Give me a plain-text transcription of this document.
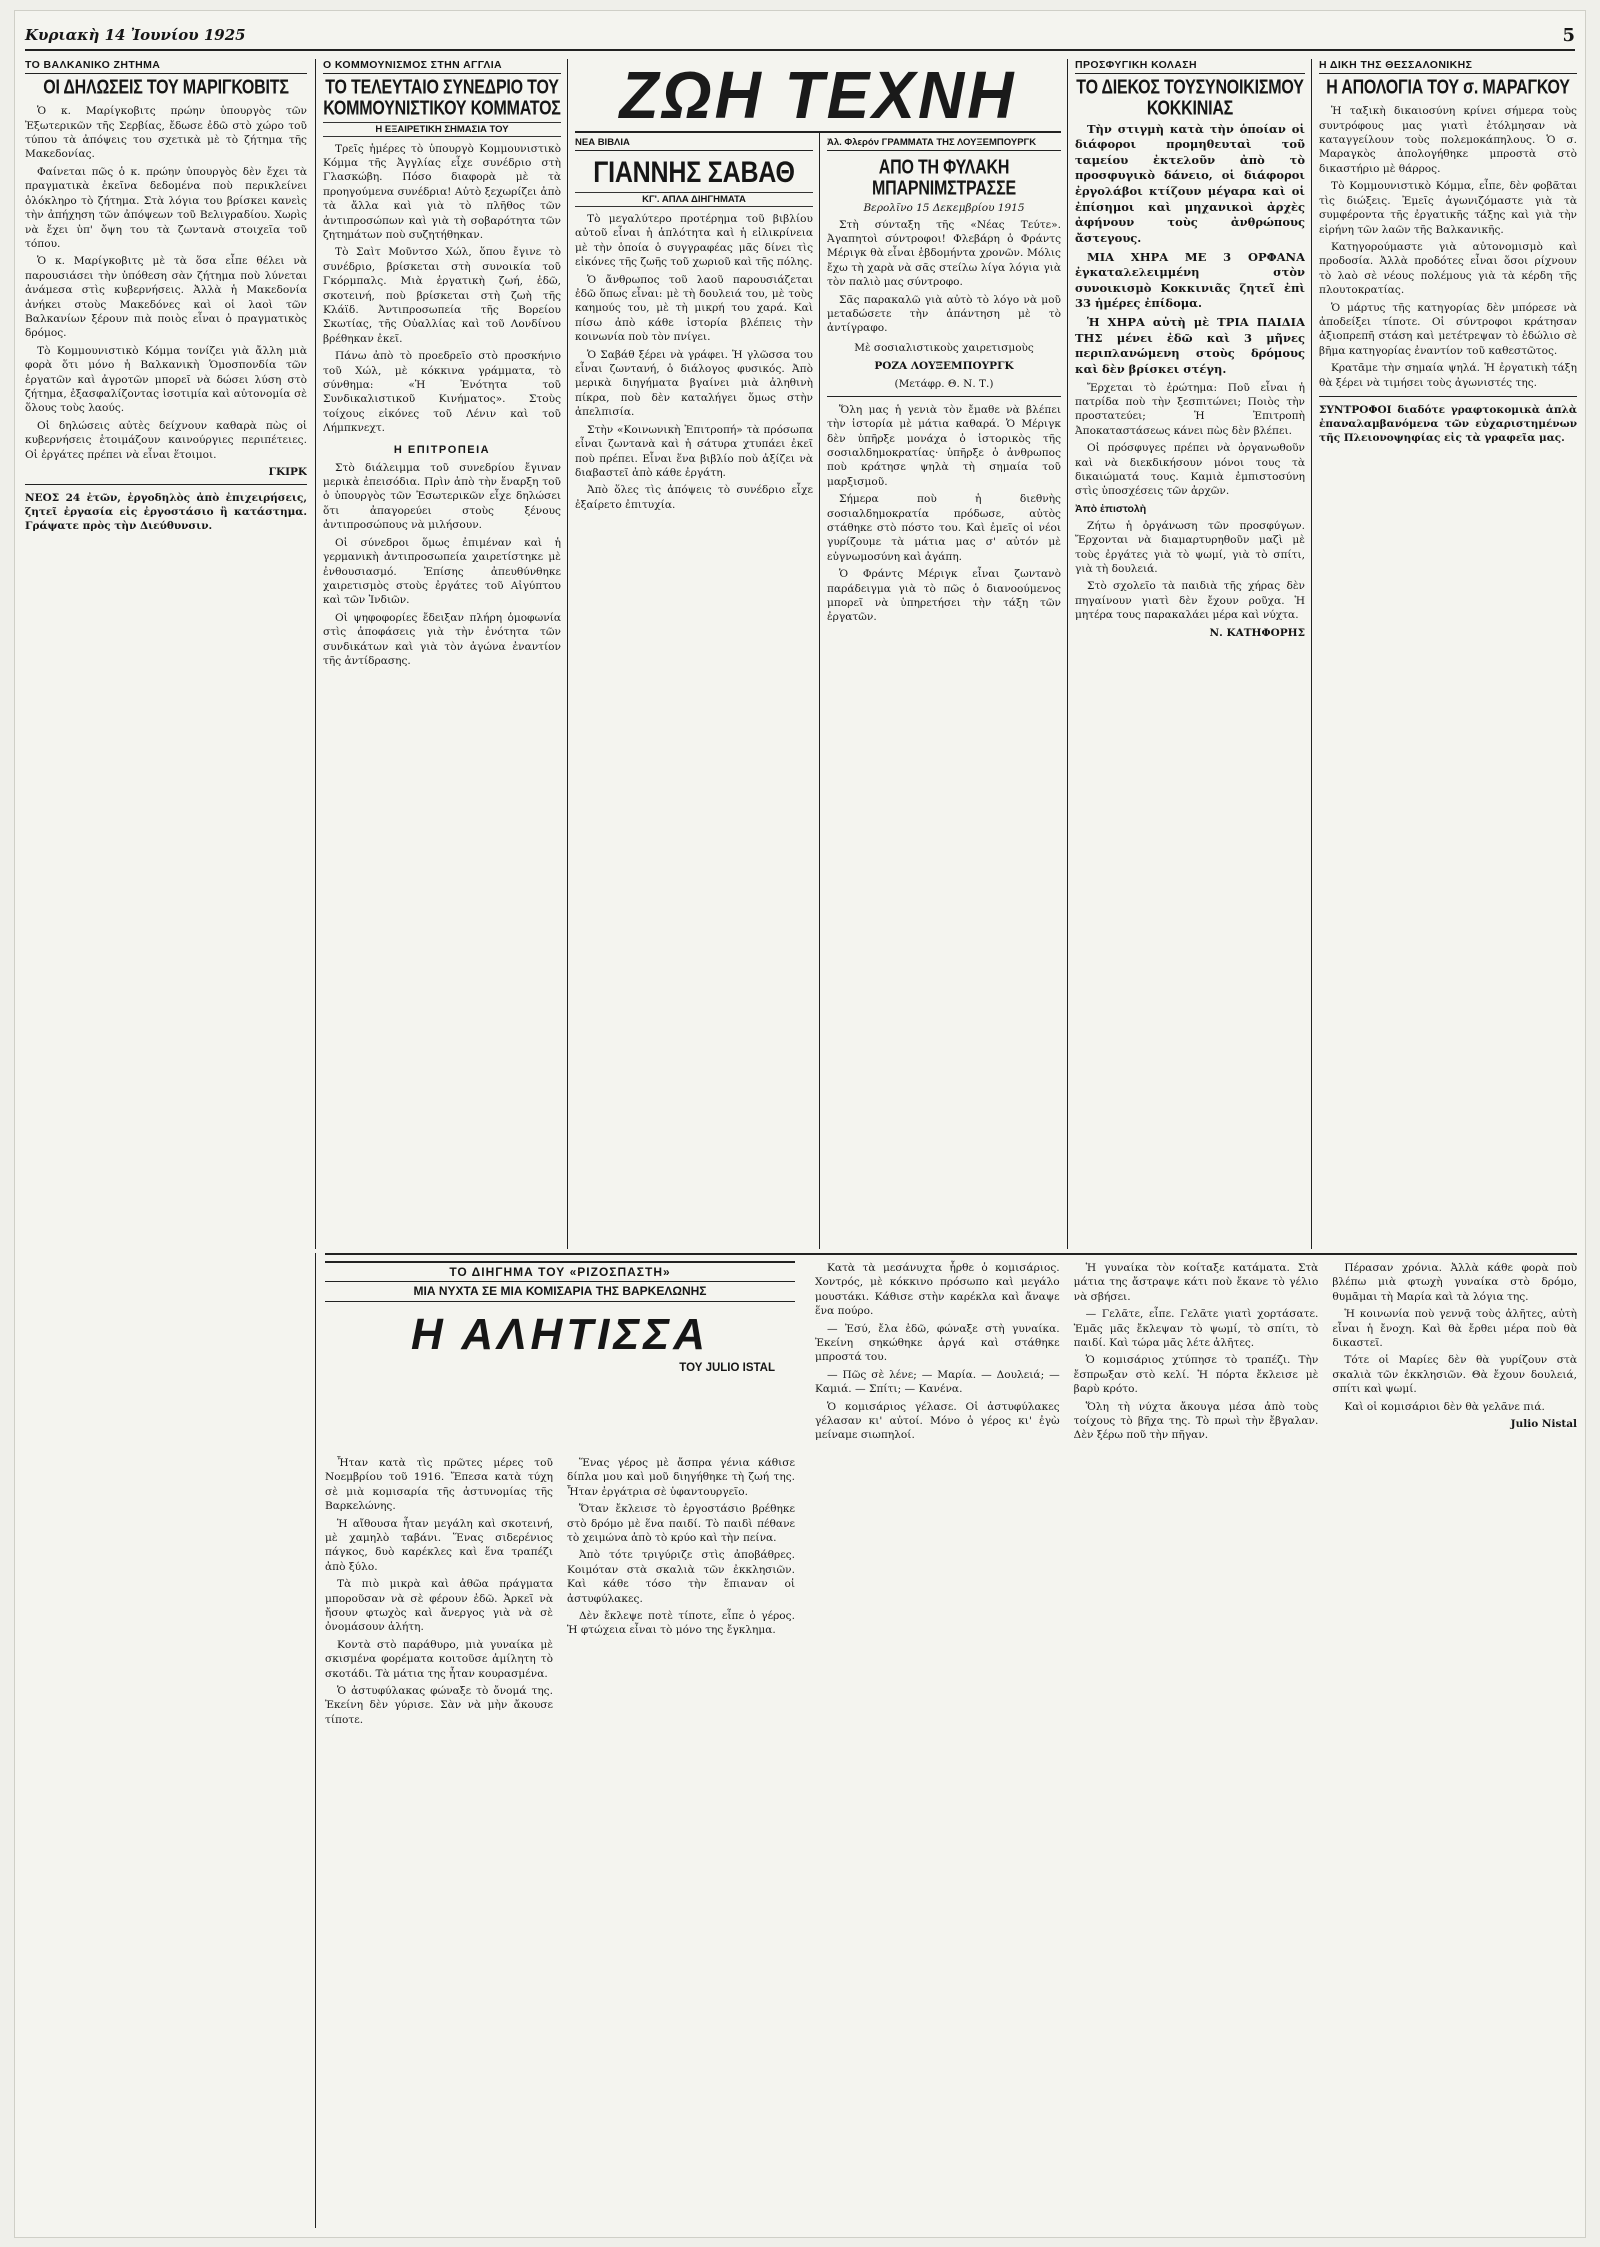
Κυριακὴ 14 Ἰουνίου 1925	5
ΤΟ ΒΑΛΚΑΝΙΚΟ ΖΗΤΗΜΑ
ΟΙ ΔΗΛΩΣΕΙΣ ΤΟΥ ΜΑΡΙΓΚΟΒΙΤΣ

Ὁ κ. Μαρίγκοβιτς πρώην ὑπουργὸς τῶν Ἐξωτερικῶν τῆς Σερβίας, ἔδωσε ἐδῶ στὸ χώρο τοῦ τύπου τὰ ἀπόψεις του σχετικὰ μὲ τὸ ζήτημα τῆς Μακεδονίας.

Φαίνεται πῶς ὁ κ. πρώην ὑπουργὸς δὲν ἔχει τὰ πραγματικὰ ἐκεῖνα δεδομένα ποὺ περικλείνει ὁλόκληρο τὸ ζήτημα. Στὰ λόγια του βρίσκει κανεὶς τὴν ἀπήχηση τῶν ἀπόψεων τοῦ Βελιγραδίου. Χωρὶς νὰ ἔχει ὑπ' ὄψη του τὰ ζωντανὰ στοιχεῖα τοῦ τόπου.

Ὁ κ. Μαρίγκοβιτς μὲ τὰ ὅσα εἶπε θέλει νὰ παρουσιάσει τὴν ὑπόθεση σὰν ζήτημα ποὺ λύνεται ἀνάμεσα στὶς κυβερνήσεις. Ἀλλὰ ἡ Μακεδονία ἀνήκει στοὺς Μακεδόνες καὶ οἱ λαοὶ τῶν Βαλκανίων ξέρουν πιὰ ποιὸς εἶναι ὁ πραγματικὸς δρόμος.

Τὸ Κομμουνιστικὸ Κόμμα τονίζει γιὰ ἄλλη μιὰ φορὰ ὅτι μόνο ἡ Βαλκανικὴ Ὁμοσπονδία τῶν ἐργατῶν καὶ ἀγροτῶν μπορεῖ νὰ δώσει λύση στὸ ζήτημα, ἐξασφαλίζοντας ἰσοτιμία καὶ αὐτονομία σὲ ὅλους τοὺς λαούς.

Οἱ δηλώσεις αὐτὲς δείχνουν καθαρὰ πὼς οἱ κυβερνήσεις ἑτοιμάζουν καινούργιες περιπέτειες. Οἱ ἐργάτες πρέπει νὰ εἶναι ἕτοιμοι.

ΓΚΙΡΚ
ΝΕΟΣ 24 ἐτῶν, ἐργοδηλὸς ἀπὸ ἐπιχειρήσεις, ζητεῖ ἐργασία εἰς ἐργοστάσιο ἢ κατάστημα. Γράψατε πρὸς τὴν Διεύθυνσιν.
Ο ΚΟΜΜΟΥΝΙΣΜΟΣ ΣΤΗΝ ΑΓΓΛΙΑ
ΤΟ ΤΕΛΕΥΤΑΙΟ ΣΥΝΕΔΡΙΟ ΤΟΥ ΚΟΜΜΟΥΝΙΣΤΙΚΟΥ ΚΟΜΜΑΤΟΣ
Η ΕΞΑΙΡΕΤΙΚΗ ΣΗΜΑΣΙΑ ΤΟΥ

Τρεῖς ἡμέρες τὸ ὑπουργὸ Κομμουνιστικὸ Κόμμα τῆς Ἀγγλίας εἶχε συνέδριο στὴ Γλασκώβη. Πόσο διαφορὰ μὲ τὰ προηγούμενα συνέδρια! Αὐτὸ ξεχωρίζει ἀπὸ τὰ ἄλλα καὶ γιὰ τὸ πλῆθος τῶν ἀντιπροσώπων καὶ γιὰ τὴ σοβαρότητα τῶν ζητημάτων ποὺ συζητήθηκαν.

Τὸ Σαὶτ Μοῦντσο Χώλ, ὅπου ἔγινε τὸ συνέδριο, βρίσκεται στὴ συνοικία τοῦ Γκόρμπαλς. Μιὰ ἐργατικὴ ζωή, ἐδῶ, σκοτεινή, ποὺ βρίσκεται στὴ ζωὴ τῆς Κλάϊδ. Ἀντιπροσωπεία τῆς Βορείου Σκωτίας, τῆς Οὐαλλίας καὶ τοῦ Λονδίνου βρέθηκαν ἐκεῖ.

Πάνω ἀπὸ τὸ προεδρεῖο στὸ προσκήνιο τοῦ Χώλ, μὲ κόκκινα γράμματα, τὸ σύνθημα: «Ἡ Ἐνότητα τοῦ Συνδικαλιστικοῦ Κινήματος». Στοὺς τοίχους εἰκόνες τοῦ Λένιν καὶ τοῦ Λήμπκνεχτ.

Η ΕΠΙΤΡΟΠΕΙΑ

Στὸ διάλειμμα τοῦ συνεδρίου ἔγιναν μερικὰ ἐπεισόδια. Πρὶν ἀπὸ τὴν ἔναρξη τοῦ ὁ ὑπουργὸς τῶν Ἐσωτερικῶν εἶχε δηλώσει ὅτι ἀπαγορεύει στοὺς ξένους ἀντιπροσώπους νὰ μιλήσουν.

Οἱ σύνεδροι ὅμως ἐπιμέναν καὶ ἡ γερμανικὴ ἀντιπροσωπεία χαιρετίστηκε μὲ ἐνθουσιασμό. Ἐπίσης ἀπευθύνθηκε χαιρετισμὸς στοὺς ἐργάτες τοῦ Αἰγύπτου καὶ τῶν Ἰνδιῶν.

Οἱ ψηφοφορίες ἔδειξαν πλήρη ὁμοφωνία στὶς ἀποφάσεις γιὰ τὴν ἐνότητα τῶν συνδικάτων καὶ γιὰ τὸν ἀγώνα ἐναντίον τῆς ἀντίδρασης.

ΖΩΗ ΤΕΧΝΗ
ΝΕΑ ΒΙΒΛΙΑ
ΓΙΑΝΝΗΣ ΣΑΒΑΘ
ΚΓ'. ΑΠΛΑ ΔΙΗΓΗΜΑΤΑ

Τὸ μεγαλύτερο προτέρημα τοῦ βιβλίου αὐτοῦ εἶναι ἡ ἁπλότητα καὶ ἡ εἰλικρίνεια μὲ τὴν ὁποία ὁ συγγραφέας μᾶς δίνει τὶς εἰκόνες τῆς ζωῆς τοῦ χωριοῦ καὶ τῆς πόλης.

Ὁ ἄνθρωπος τοῦ λαοῦ παρουσιάζεται ἐδῶ ὅπως εἶναι: μὲ τὴ δουλειά του, μὲ τοὺς καημούς του, μὲ τὴ μικρή του χαρά. Καὶ πίσω ἀπὸ κάθε ἱστορία βλέπεις τὴν κοινωνία ποὺ τὸν πνίγει.

Ὁ Σαβάθ ξέρει νὰ γράφει. Ἡ γλῶσσα του εἶναι ζωντανή, ὁ διάλογος φυσικός. Ἀπὸ μερικὰ διηγήματα βγαίνει μιὰ ἀληθινὴ πίκρα, ποὺ δὲν καταλήγει ὅμως στὴν ἀπελπισία.

Στὴν «Κοινωνικὴ Ἐπιτροπή» τὰ πρόσωπα εἶναι ζωντανὰ καὶ ἡ σάτυρα χτυπάει ἐκεῖ ποὺ πρέπει. Εἶναι ἕνα βιβλίο ποὺ ἀξίζει νὰ διαβαστεῖ ἀπὸ κάθε ἐργάτη.

Ἀπὸ ὅλες τὶς ἀπόψεις τὸ συνέδριο εἶχε ἐξαίρετο ἐπιτυχία.

Ἀλ. Φλερόν ΓΡΑΜΜΑΤΑ ΤΗΣ ΛΟΥΞΕΜΠΟΥΡΓΚ
ΑΠΟ ΤΗ ΦΥΛΑΚΗ ΜΠΑΡΝΙΜΣΤΡΑΣΣΕ
Βερολῖνο 15 Δεκεμβρίου 1915

Στὴ σύνταξη τῆς «Νέας Τεύτε». Ἀγαπητοὶ σύντροφοι! Φλεβάρη ὁ Φράντς Μέριγκ θὰ εἶναι ἑβδομήντα χρονῶν. Μόλις ἔχω τὴ χαρὰ νὰ σᾶς στείλω λίγα λόγια γιὰ τὸν παλιὸ μας σύντροφο.

Σᾶς παρακαλῶ γιὰ αὐτὸ τὸ λόγο νὰ μοῦ μεταδώσετε τὴν ἀπάντηση μὲ τὸ ἀντίγραφο.

Μὲ σοσιαλιστικοὺς χαιρετισμοὺς
ΡΟΖΑ ΛΟΥΞΕΜΠΟΥΡΓΚ
(Μετάφρ. Θ. Ν. Τ.)

Ὅλη μας ἡ γενιὰ τὸν ἔμαθε νὰ βλέπει τὴν ἱστορία μὲ μάτια καθαρά. Ὁ Μέριγκ δὲν ὑπῆρξε μονάχα ὁ ἱστορικὸς τῆς σοσιαλδημοκρατίας· ὑπῆρξε ὁ ἀνθρωπος ποὺ κράτησε ψηλὰ τὴ σημαία τοῦ μαρξισμοῦ.

Σήμερα ποὺ ἡ διεθνὴς σοσιαλδημοκρατία πρόδωσε, αὐτὸς στάθηκε στὸ πόστο του. Καὶ ἐμεῖς οἱ νέοι γυρίζουμε τὰ μάτια μας σ' αὐτόν μὲ εὐγνωμοσύνη καὶ ἀγάπη.

Ὁ Φράντς Μέριγκ εἶναι ζωντανὸ παράδειγμα γιὰ τὸ πῶς ὁ διανοούμενος μπορεῖ νὰ ὑπηρετήσει τὴν τάξη τῶν ἐργατῶν.

ΠΡΟΣΦΥΓΙΚΗ ΚΟΛΑΣΗ
ΤΟ ΔΙΕΚΟΣ ΤΟΥΣΥΝΟΙΚΙΣΜΟΥ ΚΟΚΚΙΝΙΑΣ

Τὴν στιγμὴ κατὰ τὴν ὁποίαν οἱ διάφοροι προμηθευταὶ τοῦ ταμείου ἐκτελοῦν ἀπὸ τὸ προσφυγικὸ δάνειο, οἱ διάφοροι ἐργολάβοι κτίζουν μέγαρα καὶ οἱ ἐπίσημοι καὶ μηχανικοὶ ἀρχὲς ἀφήνουν τοὺς ἀνθρώπους ἄστεγους.

ΜΙΑ ΧΗΡΑ ΜΕ 3 ΟΡΦΑΝΑ ἐγκαταλελειμμένη στὸν συνοικισμὸ Κοκκινιᾶς ζητεῖ ἐπὶ 33 ἡμέρες ἐπίδομα.

Ἡ ΧΗΡΑ αὐτὴ μὲ ΤΡΙΑ ΠΑΙΔΙΑ ΤΗΣ μένει ἐδῶ καὶ 3 μῆνες περιπλανώμενη στοὺς δρόμους καὶ δὲν βρίσκει στέγη.

Ἔρχεται τὸ ἐρώτημα: Ποῦ εἶναι ἡ πατρίδα ποὺ τὴν ξεσπιτώνει; Ποιὸς τὴν προστατεύει; Ἡ Ἐπιτροπὴ Ἀποκαταστάσεως κάνει πὼς δὲν βλέπει.

Οἱ πρόσφυγες πρέπει νὰ ὀργανωθοῦν καὶ νὰ διεκδικήσουν μόνοι τους τὰ δικαιώματά τους. Καμιὰ ἐμπιστοσύνη στὶς ὑποσχέσεις τῶν ἀρχῶν.

Ἀπὸ ἐπιστολὴ

Ζήτω ἡ ὀργάνωση τῶν προσφύγων. Ἔρχονται νὰ διαμαρτυρηθοῦν μαζὶ μὲ τοὺς ἐργάτες γιὰ τὸ ψωμί, γιὰ τὸ σπίτι, γιὰ τὴ δουλειά.

Στὸ σχολεῖο τὰ παιδιὰ τῆς χήρας δὲν πηγαίνουν γιατὶ δὲν ἔχουν ροῦχα. Ἡ μητέρα τους παρακαλάει μέρα καὶ νύχτα.

Ν. ΚΑΤΗΦΟΡΗΣ
Η ΔΙΚΗ ΤΗΣ ΘΕΣΣΑΛΟΝΙΚΗΣ
Η ΑΠΟΛΟΓΙΑ ΤΟΥ σ. ΜΑΡΑΓΚΟΥ

Ἡ ταξικὴ δικαιοσύνη κρίνει σήμερα τοὺς συντρόφους μας γιατὶ ἐτόλμησαν νὰ καταγγείλουν τοὺς πολεμοκάπηλους. Ὁ σ. Μαραγκὸς ἀπολογήθηκε μπροστὰ στὸ δικαστήριο μὲ θάρρος.

Τὸ Κομμουνιστικὸ Κόμμα, εἶπε, δὲν φοβᾶται τὶς διώξεις. Ἐμεῖς ἀγωνιζόμαστε γιὰ τὰ συμφέροντα τῆς ἐργατικῆς τάξης καὶ γιὰ τὴν εἰρήνη τῶν λαῶν τῆς Βαλκανικῆς.

Κατηγορούμαστε γιὰ αὐτονομισμὸ καὶ προδοσία. Ἀλλὰ προδότες εἶναι ὅσοι ρίχνουν τὸ λαὸ σὲ νέους πολέμους γιὰ τὰ κέρδη τῆς πλουτοκρατίας.

Ὁ μάρτυς τῆς κατηγορίας δὲν μπόρεσε νὰ ἀποδείξει τίποτε. Οἱ σύντροφοι κράτησαν ἀξιοπρεπῆ στάση καὶ μετέτρεψαν τὸ ἑδώλιο σὲ βῆμα κατηγορίας ἐναντίον τοῦ καθεστῶτος.

Κρατᾶμε τὴν σημαία ψηλά. Ἡ ἐργατικὴ τάξη θὰ ξέρει νὰ τιμήσει τοὺς ἀγωνιστές της.

ΣΥΝΤΡΟΦΟΙ διαδότε γραφτοκομικὰ ἀπλὰ ἐπαναλαμβανόμενα τῶν εὐχαριστημένων τῆς Πλειονοψηφίας εἰς τὰ γραφεῖα μας.
ΤΟ ΔΙΗΓΗΜΑ ΤΟΥ «ΡΙΖΟΣΠΑΣΤΗ»
ΜΙΑ ΝΥΧΤΑ ΣΕ ΜΙΑ ΚΟΜΙΣΑΡΙΑ ΤΗΣ ΒΑΡΚΕΛΩΝΗΣ
Η ΑΛΗΤΙΣΣΑ
ΤΟΥ JULIO ISTAL

Κατὰ τὰ μεσάνυχτα ἦρθε ὁ κομισάριος. Χοντρός, μὲ κόκκινο πρόσωπο καὶ μεγάλο μουστάκι. Κάθισε στὴν καρέκλα καὶ ἄναψε ἕνα πούρο.

— Ἐσύ, ἔλα ἐδῶ, φώναξε στὴ γυναίκα. Ἐκείνη σηκώθηκε ἀργά καὶ στάθηκε μπροστά του.

— Πῶς σὲ λένε; — Μαρία. — Δουλειά; — Καμιά. — Σπίτι; — Κανένα.

Ὁ κομισάριος γέλασε. Οἱ ἀστυφύλακες γέλασαν κι' αὐτοί. Μόνο ὁ γέρος κι' ἐγὼ μείναμε σιωπηλοί.

Ἡ γυναίκα τὸν κοίταξε κατάματα. Στὰ μάτια της ἄστραψε κάτι ποὺ ἔκανε τὸ γέλιο νὰ σβήσει.

— Γελᾶτε, εἶπε. Γελᾶτε γιατὶ χορτάσατε. Ἐμᾶς μᾶς ἔκλεψαν τὸ ψωμί, τὸ σπίτι, τὸ παιδί. Καὶ τώρα μᾶς λέτε ἀλῆτες.

Ὁ κομισάριος χτύπησε τὸ τραπέζι. Τὴν ἔσπρωξαν στὸ κελί. Ἡ πόρτα ἔκλεισε μὲ βαρὺ κρότο.

Ὅλη τὴ νύχτα ἄκουγα μέσα ἀπὸ τοὺς τοίχους τὸ βῆχα της. Τὸ πρωὶ τὴν ἔβγαλαν. Δὲν ξέρω ποῦ τὴν πῆγαν.

Πέρασαν χρόνια. Ἀλλὰ κάθε φορὰ ποὺ βλέπω μιὰ φτωχὴ γυναίκα στὸ δρόμο, θυμᾶμαι τὴ Μαρία καὶ τὰ λόγια της.

Ἡ κοινωνία ποὺ γεννᾷ τοὺς ἀλῆτες, αὐτὴ εἶναι ἡ ἔνοχη. Καὶ θὰ ἔρθει μέρα ποὺ θὰ δικαστεῖ.

Τότε οἱ Μαρίες δὲν θὰ γυρίζουν στὰ σκαλιὰ τῶν ἐκκλησιῶν. Θὰ ἔχουν δουλειά, σπίτι καὶ ψωμί.

Καὶ οἱ κομισάριοι δὲν θὰ γελᾶνε πιά.

Julio Nistal

Ἦταν κατὰ τὶς πρῶτες μέρες τοῦ Νοεμβρίου τοῦ 1916. Ἔπεσα κατὰ τύχη σὲ μιὰ κομισαρία τῆς ἀστυνομίας τῆς Βαρκελώνης.

Ἡ αἴθουσα ἦταν μεγάλη καὶ σκοτεινή, μὲ χαμηλὸ ταβάνι. Ἕνας σιδερένιος πάγκος, δυὸ καρέκλες καὶ ἕνα τραπέζι ἀπὸ ξύλο.

Τὰ πιὸ μικρὰ καὶ ἀθῶα πράγματα μποροῦσαν νὰ σὲ φέρουν ἐδῶ. Ἀρκεῖ νὰ ἤσουν φτωχὸς καὶ ἄνεργος γιὰ νὰ σὲ ὀνομάσουν ἀλήτη.

Κοντὰ στὸ παράθυρο, μιὰ γυναίκα μὲ σκισμένα φορέματα κοιτοῦσε ἀμίλητη τὸ σκοτάδι. Τὰ μάτια της ἦταν κουρασμένα.

Ὁ ἀστυφύλακας φώναξε τὸ ὄνομά της. Ἐκείνη δὲν γύρισε. Σὰν νὰ μὴν ἄκουσε τίποτε.

Ἕνας γέρος μὲ ἄσπρα γένια κάθισε δίπλα μου καὶ μοῦ διηγήθηκε τὴ ζωή της. Ἦταν ἐργάτρια σὲ ὑφαντουργεῖο.

Ὅταν ἔκλεισε τὸ ἐργοστάσιο βρέθηκε στὸ δρόμο μὲ ἕνα παιδί. Τὸ παιδὶ πέθανε τὸ χειμώνα ἀπὸ τὸ κρύο καὶ τὴν πείνα.

Ἀπὸ τότε τριγύριζε στὶς ἀποβάθρες. Κοιμόταν στὰ σκαλιὰ τῶν ἐκκλησιῶν. Καὶ κάθε τόσο τὴν ἔπιαναν οἱ ἀστυφύλακες.

Δὲν ἔκλεψε ποτὲ τίποτε, εἶπε ὁ γέρος. Ἡ φτώχεια εἶναι τὸ μόνο της ἔγκλημα.
